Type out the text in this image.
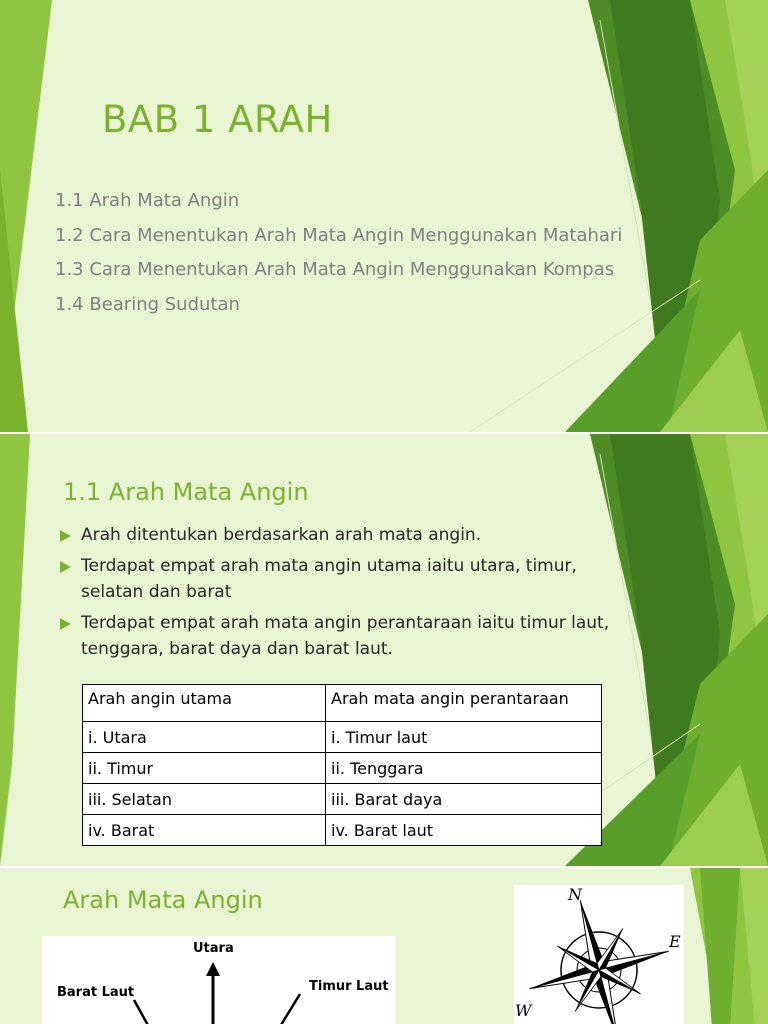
BAB 1 ARAH
1.1 Arah Mata Angin
1.2 Cara Menentukan Arah Mata Angin Menggunakan Matahari
1.3 Cara Menentukan Arah Mata Angin Menggunakan Kompas
1.4 Bearing Sudutan
1.1 Arah Mata Angin
Arah ditentukan berdasarkan arah mata angin.
Terdapat empat arah mata angin utama iaitu utara, timur, selatan dan barat
Terdapat empat arah mata angin perantaraan iaitu timur laut, tenggara, barat daya dan barat laut.
Arah angin utama	Arah mata angin perantaraan
i. Utara	i. Timur laut
ii. Timur	ii. Tenggara
iii. Selatan	iii. Barat daya
iv. Barat	iv. Barat laut
Arah Mata Angin
Utara
Barat Laut	Timur Laut
N
E
W
